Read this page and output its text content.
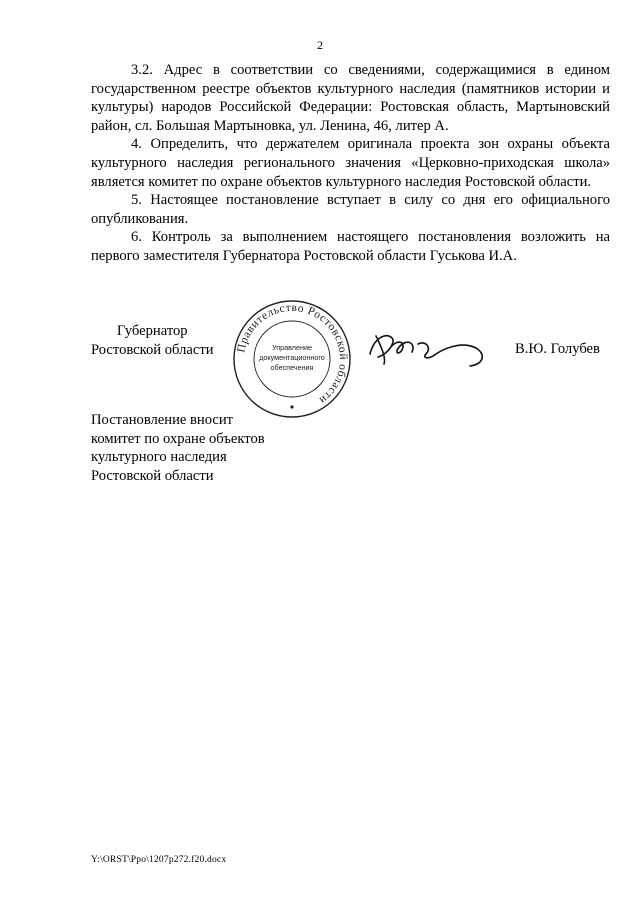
2

3.2. Адрес в соответствии со сведениями, содержащимися в едином государственном реестре объектов культурного наследия (памятников истории и культуры) народов Российской Федерации: Ростовская область, Мартыновский район, сл. Большая Мартыновка, ул. Ленина, 46, литер А.

4. Определить, что держателем оригинала проекта зон охраны объекта культурного наследия регионального значения «Церковно-приходская школа» является комитет по охране объектов культурного наследия Ростовской области.

5. Настоящее постановление вступает в силу со дня его официального опубликования.

6. Контроль за выполнением настоящего постановления возложить на первого заместителя Губернатора Ростовской области Гуськова И.А.

Губернатор
Ростовской области Правительство Ростовской области
Управление
документационного
обеспечения
В.Ю. Голубев
Постановление вносит
комитет по охране объектов
культурного наследия
Ростовской области
Y:\ORST\Ppo\1207p272.f20.docx
